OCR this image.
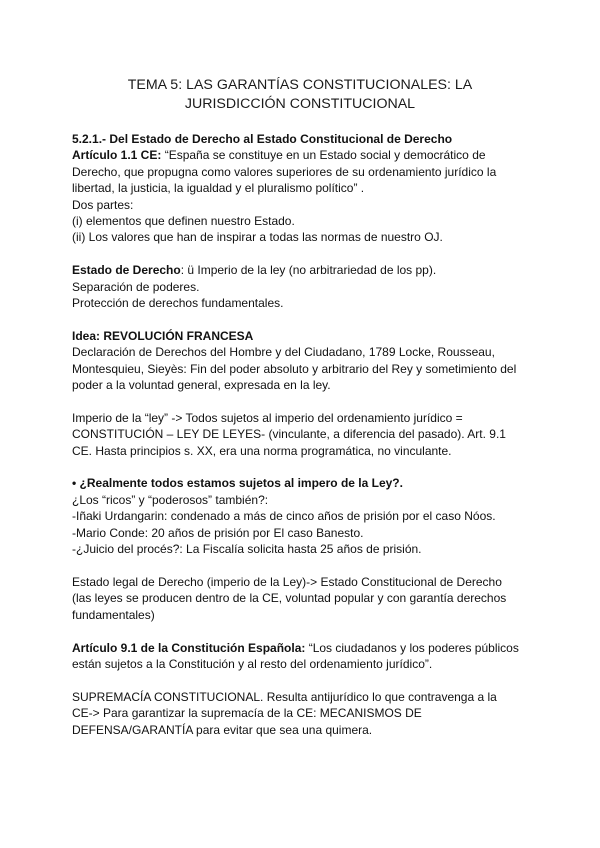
TEMA 5: LAS GARANTÍAS CONSTITUCIONALES: LA
JURISDICCIÓN CONSTITUCIONAL
5.2.1.- Del Estado de Derecho al Estado Constitucional de Derecho
Artículo 1.1 CE: “España se constituye en un Estado social y democrático de
Derecho, que propugna como valores superiores de su ordenamiento jurídico la
libertad, la justicia, la igualdad y el pluralismo político” .
Dos partes:
(i) elementos que definen nuestro Estado.
(ii) Los valores que han de inspirar a todas las normas de nuestro OJ.
Estado de Derecho: ü Imperio de la ley (no arbitrariedad de los pp).
Separación de poderes.
Protección de derechos fundamentales.
Idea: REVOLUCIÓN FRANCESA
Declaración de Derechos del Hombre y del Ciudadano, 1789 Locke, Rousseau,
Montesquieu, Sieyès: Fin del poder absoluto y arbitrario del Rey y sometimiento del
poder a la voluntad general, expresada en la ley.
Imperio de la “ley” -> Todos sujetos al imperio del ordenamiento jurídico =
CONSTITUCIÓN – LEY DE LEYES- (vinculante, a diferencia del pasado). Art. 9.1
CE. Hasta principios s. XX, era una norma programática, no vinculante.
• ¿Realmente todos estamos sujetos al impero de la Ley?.
¿Los “ricos” y “poderosos” también?:
-Iñaki Urdangarin: condenado a más de cinco años de prisión por el caso Nóos.
-Mario Conde: 20 años de prisión por El caso Banesto.
-¿Juicio del procés?: La Fiscalía solicita hasta 25 años de prisión.
Estado legal de Derecho (imperio de la Ley)-> Estado Constitucional de Derecho
(las leyes se producen dentro de la CE, voluntad popular y con garantía derechos
fundamentales)
Artículo 9.1 de la Constitución Española: “Los ciudadanos y los poderes públicos
están sujetos a la Constitución y al resto del ordenamiento jurídico”.
SUPREMACÍA CONSTITUCIONAL. Resulta antijurídico lo que contravenga a la
CE-> Para garantizar la supremacía de la CE: MECANISMOS DE
DEFENSA/GARANTÍA para evitar que sea una quimera.
